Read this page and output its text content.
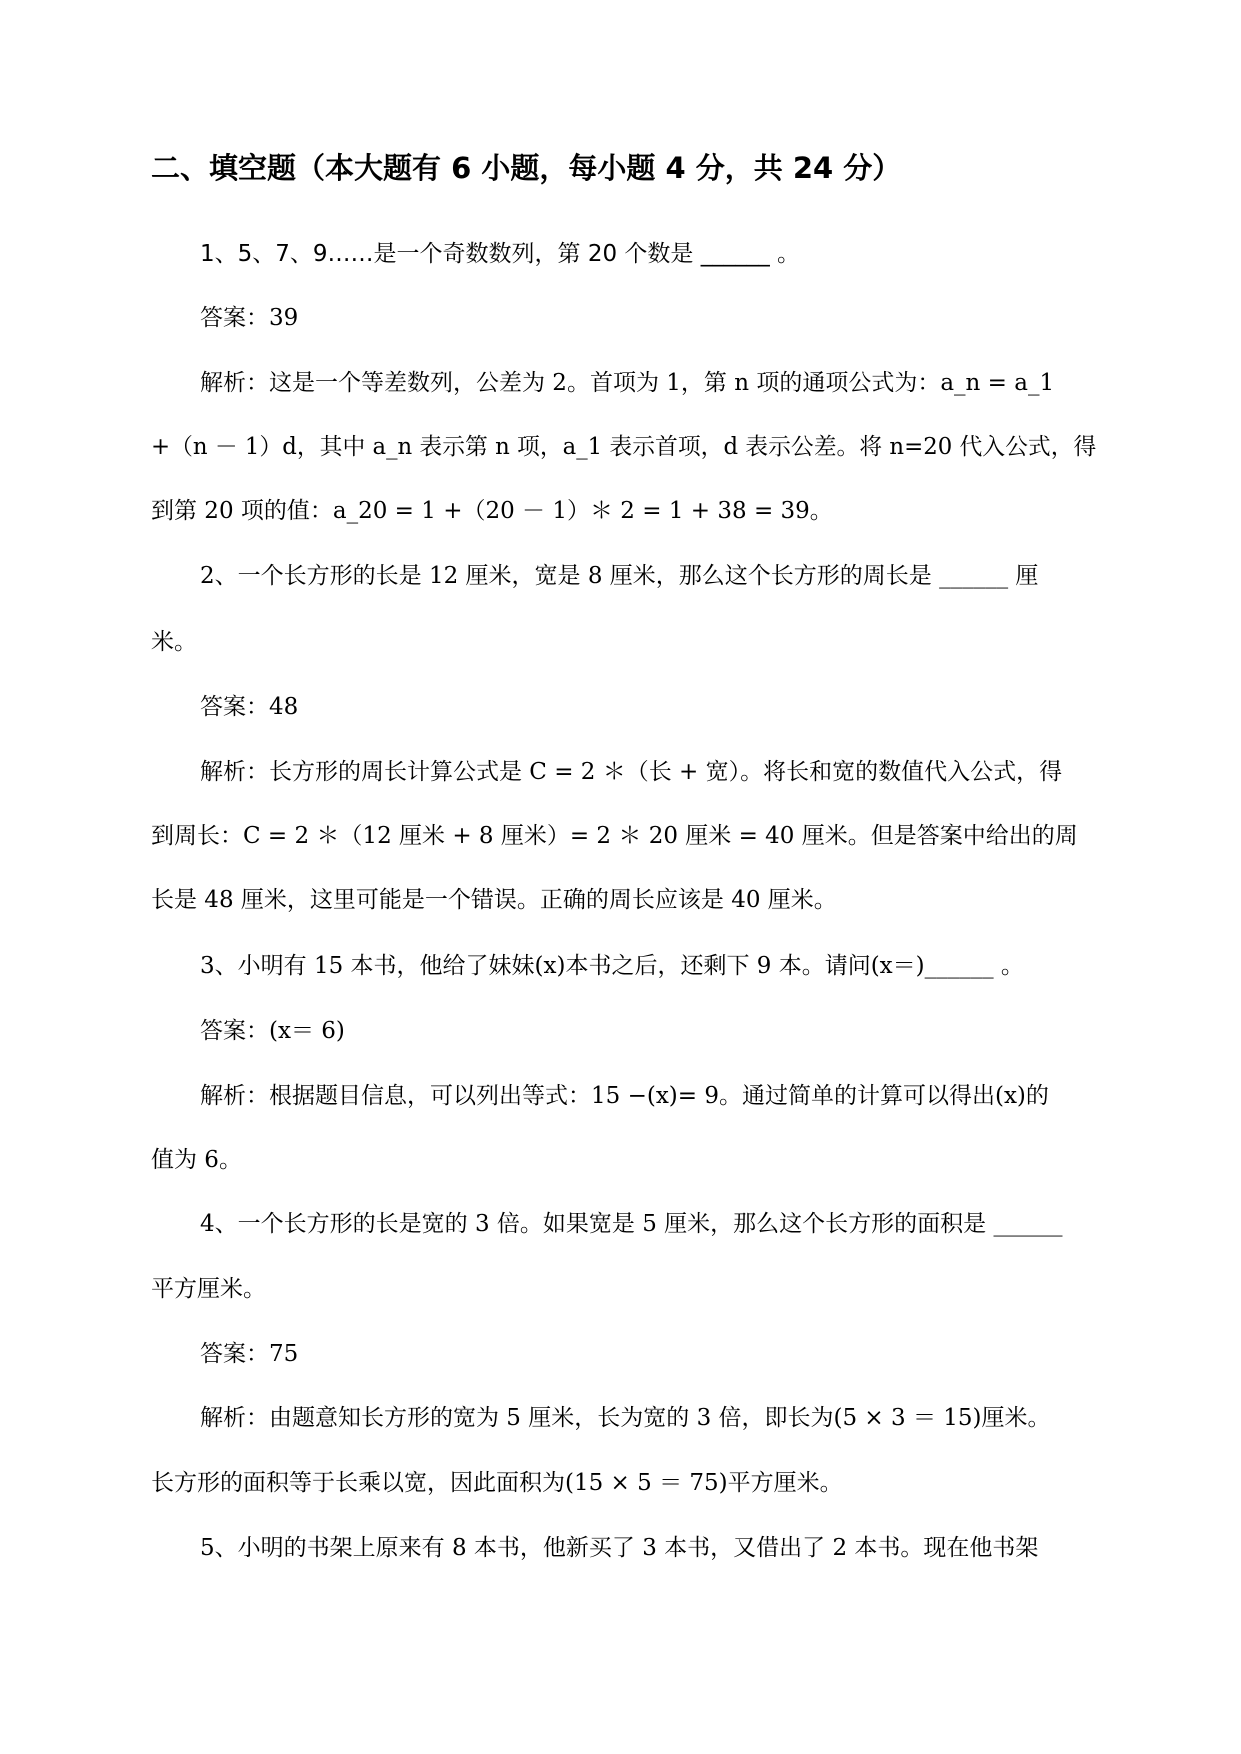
二、填空题（本大题有 6 小题，每小题 4 分，共 24 分）
1、5、7、9……是一个奇数数列，第 20 个数是 ______ 。
答案：39
解析：这是一个等差数列，公差为 2。首项为 1，第 n 项的通项公式为：a_n = a_1
+（n － 1）d，其中 a_n 表示第 n 项，a_1 表示首项，d 表示公差。将 n=20 代入公式，得
到第 20 项的值：a_20 = 1 +（20 － 1）＊ 2 = 1 + 38 = 39。
2、一个长方形的长是 12 厘米，宽是 8 厘米，那么这个长方形的周长是 ______ 厘
米。
答案：48
解析：长方形的周长计算公式是 C = 2 ＊（长 + 宽）。将长和宽的数值代入公式，得
到周长：C = 2 ＊（12 厘米 + 8 厘米）= 2 ＊ 20 厘米 = 40 厘米。但是答案中给出的周
长是 48 厘米，这里可能是一个错误。正确的周长应该是 40 厘米。
3、小明有 15 本书，他给了妹妹(x)本书之后，还剩下 9 本。请问(x＝)______ 。
答案：(x＝ 6)
解析：根据题目信息，可以列出等式：15 −(x)= 9。通过简单的计算可以得出(x)的
值为 6。
4、一个长方形的长是宽的 3 倍。如果宽是 5 厘米，那么这个长方形的面积是 ______
平方厘米。
答案：75
解析：由题意知长方形的宽为 5 厘米，长为宽的 3 倍，即长为(5 × 3 ＝ 15)厘米。
长方形的面积等于长乘以宽，因此面积为(15 × 5 ＝ 75)平方厘米。
5、小明的书架上原来有 8 本书，他新买了 3 本书，又借出了 2 本书。现在他书架
